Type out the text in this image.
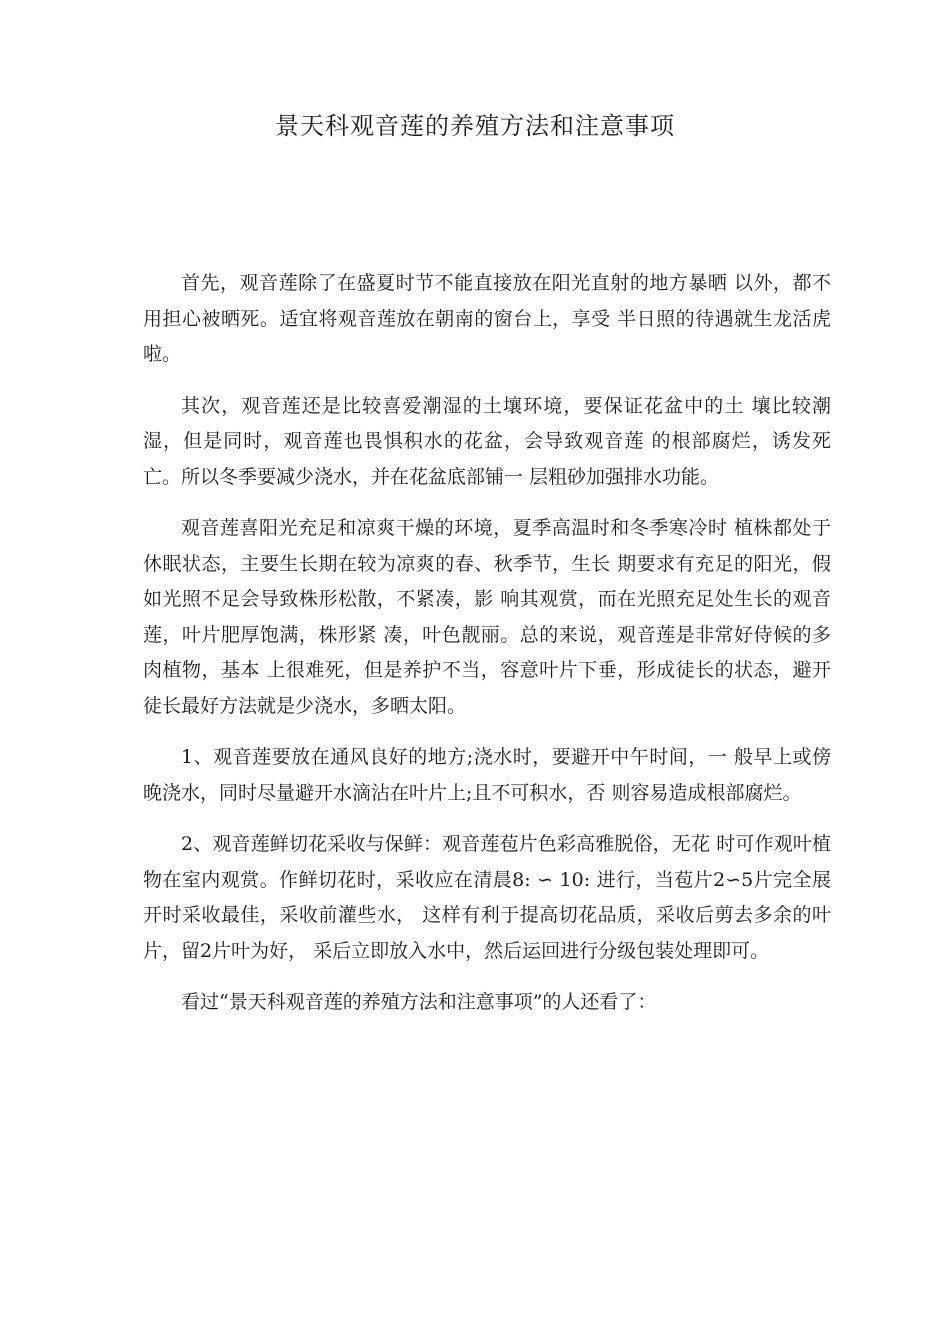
景天科观音莲的养殖方法和注意事项

首先，观音莲除了在盛夏时节不能直接放在阳光直射的地方暴晒 以外，都不用担心被晒死。适宜将观音莲放在朝南的窗台上，享受 半日照的待遇就生龙活虎啦。

其次，观音莲还是比较喜爱潮湿的土壤环境，要保证花盆中的土 壤比较潮湿，但是同时，观音莲也畏惧积水的花盆，会导致观音莲 的根部腐烂，诱发死亡。所以冬季要减少浇水，并在花盆底部铺一 层粗砂加强排水功能。

观音莲喜阳光充足和凉爽干燥的环境，夏季高温时和冬季寒冷时 植株都处于休眠状态，主要生长期在较为凉爽的春、秋季节，生长 期要求有充足的阳光，假如光照不足会导致株形松散，不紧凑，影 响其观赏，而在光照充足处生长的观音莲，叶片肥厚饱满，株形紧 凑，叶色靓丽。总的来说，观音莲是非常好侍候的多肉植物，基本 上很难死，但是养护不当，容意叶片下垂，形成徒长的状态，避开 徒长最好方法就是少浇水，多晒太阳。

1、观音莲要放在通风良好的地方;浇水时，要避开中午时间，一 般早上或傍晚浇水，同时尽量避开水滴沾在叶片上;且不可积水，否 则容易造成根部腐烂。

2、观音莲鲜切花采收与保鲜：观音莲苞片色彩高雅脱俗，无花 时可作观叶植物在室内观赏。作鲜切花时，采收应在清晨8: ∽ 10: 进行，当苞片2∽5片完全展开时采收最佳，采收前灌些水， 这样有利于提高切花品质，采收后剪去多余的叶片，留2片叶为好， 采后立即放入水中，然后运回进行分级包装处理即可。

看过“景天科观音莲的养殖方法和注意事项”的人还看了：
